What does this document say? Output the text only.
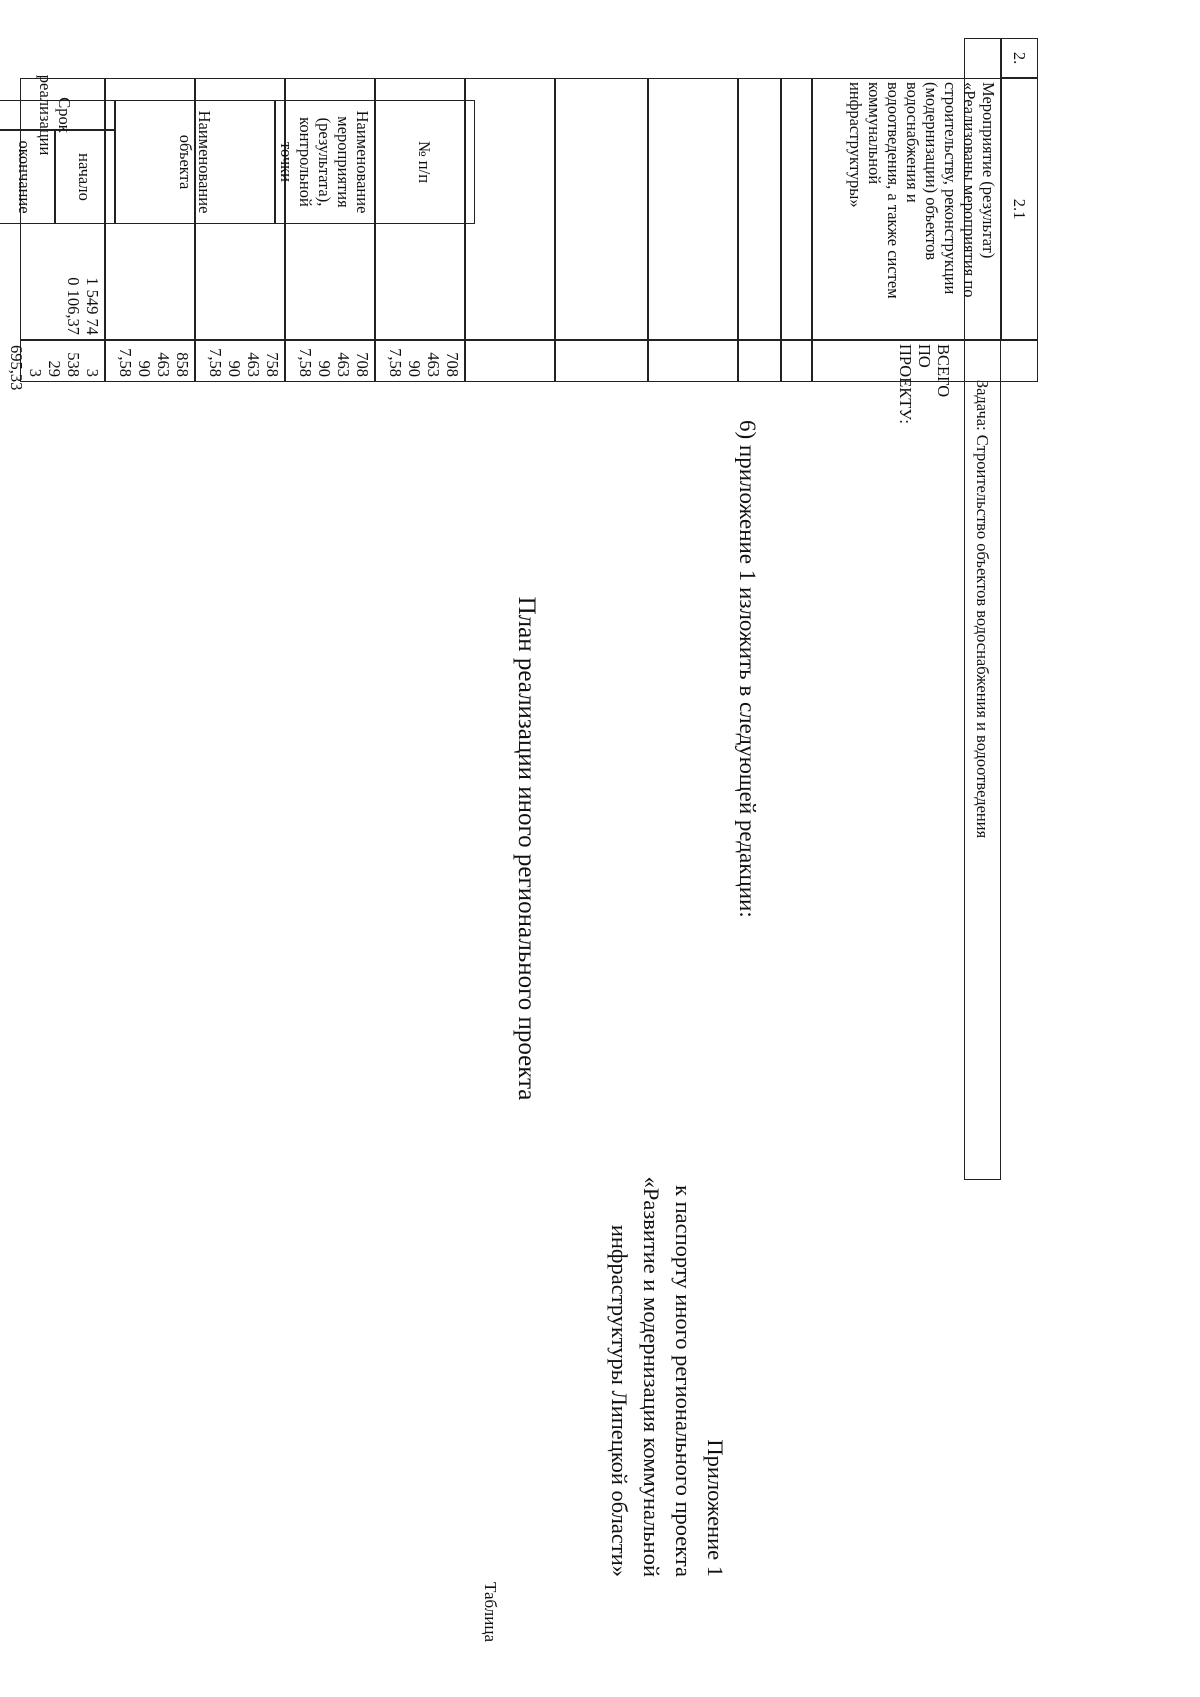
2.
Задача: Строительство объектов водоснабжения и водоотведения
2.1
Мероприятие (результат)
«Реализованы мероприятия по
строительству, реконструкции
(модернизации) объектов
водоснабжения и
водоотведения, а также систем
коммунальной
инфраструктуры»
1 549 74
0 106,37
ВСЕГО ПО ПРОЕКТУ:
708 463 90
7,58
708 463 90
7,58
758 463 90
7,58
858 463 90
7,58
3 538 29
3 695,33
6) приложение 1 изложить в следующей редакции:
Приложение 1
к паспорту иного регионального проекта
«Развитие и модернизация коммунальной
инфраструктуры Липецкой области»
План реализации иного регионального проекта
Таблица
№ п/п
Наименование
мероприятия
(результата),
контрольной
точки
Наименование объекта
Срок реализации
начало
окончание
